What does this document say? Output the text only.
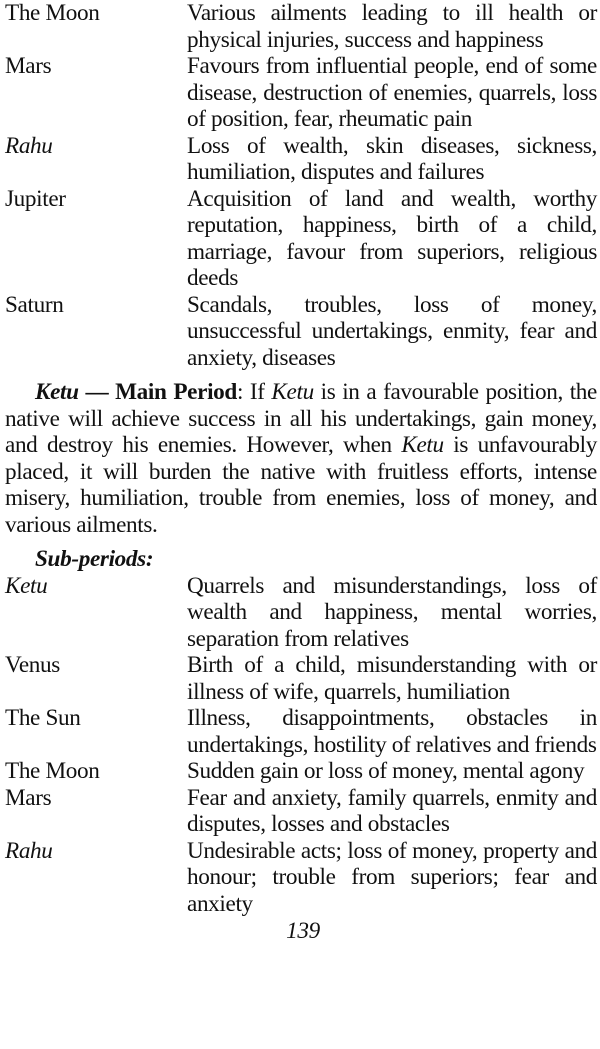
The Moon	Various ailments leading to ill health or physical injuries, success and happiness
Mars	Favours from influential people, end of some disease, destruction of enemies, quarrels, loss of position, fear, rheumatic pain
Rahu	Loss of wealth, skin diseases, sickness, humiliation, disputes and failures
Jupiter	Acquisition of land and wealth, worthy reputation, happiness, birth of a child, marriage, favour from superiors, religious deeds
Saturn	Scandals, troubles, loss of money, unsuccessful undertakings, enmity, fear and anxiety, diseases

Ketu — Main Period: If Ketu is in a favourable position, the native will achieve success in all his undertakings, gain money, and destroy his enemies. However, when Ketu is unfavourably placed, it will burden the native with fruitless efforts, intense misery, humiliation, trouble from enemies, loss of money, and various ailments.

Sub-periods:
Ketu	Quarrels and misunderstandings, loss of wealth and happiness, mental worries, separation from relatives
Venus	Birth of a child, misunderstanding with or illness of wife, quarrels, humiliation
The Sun	Illness, disappointments, obstacles in undertakings, hostility of relatives and friends
The Moon	Sudden gain or loss of money, mental agony
Mars	Fear and anxiety, family quarrels, enmity and disputes, losses and obstacles
Rahu	Undesirable acts; loss of money, property and honour; trouble from superiors; fear and anxiety
139
